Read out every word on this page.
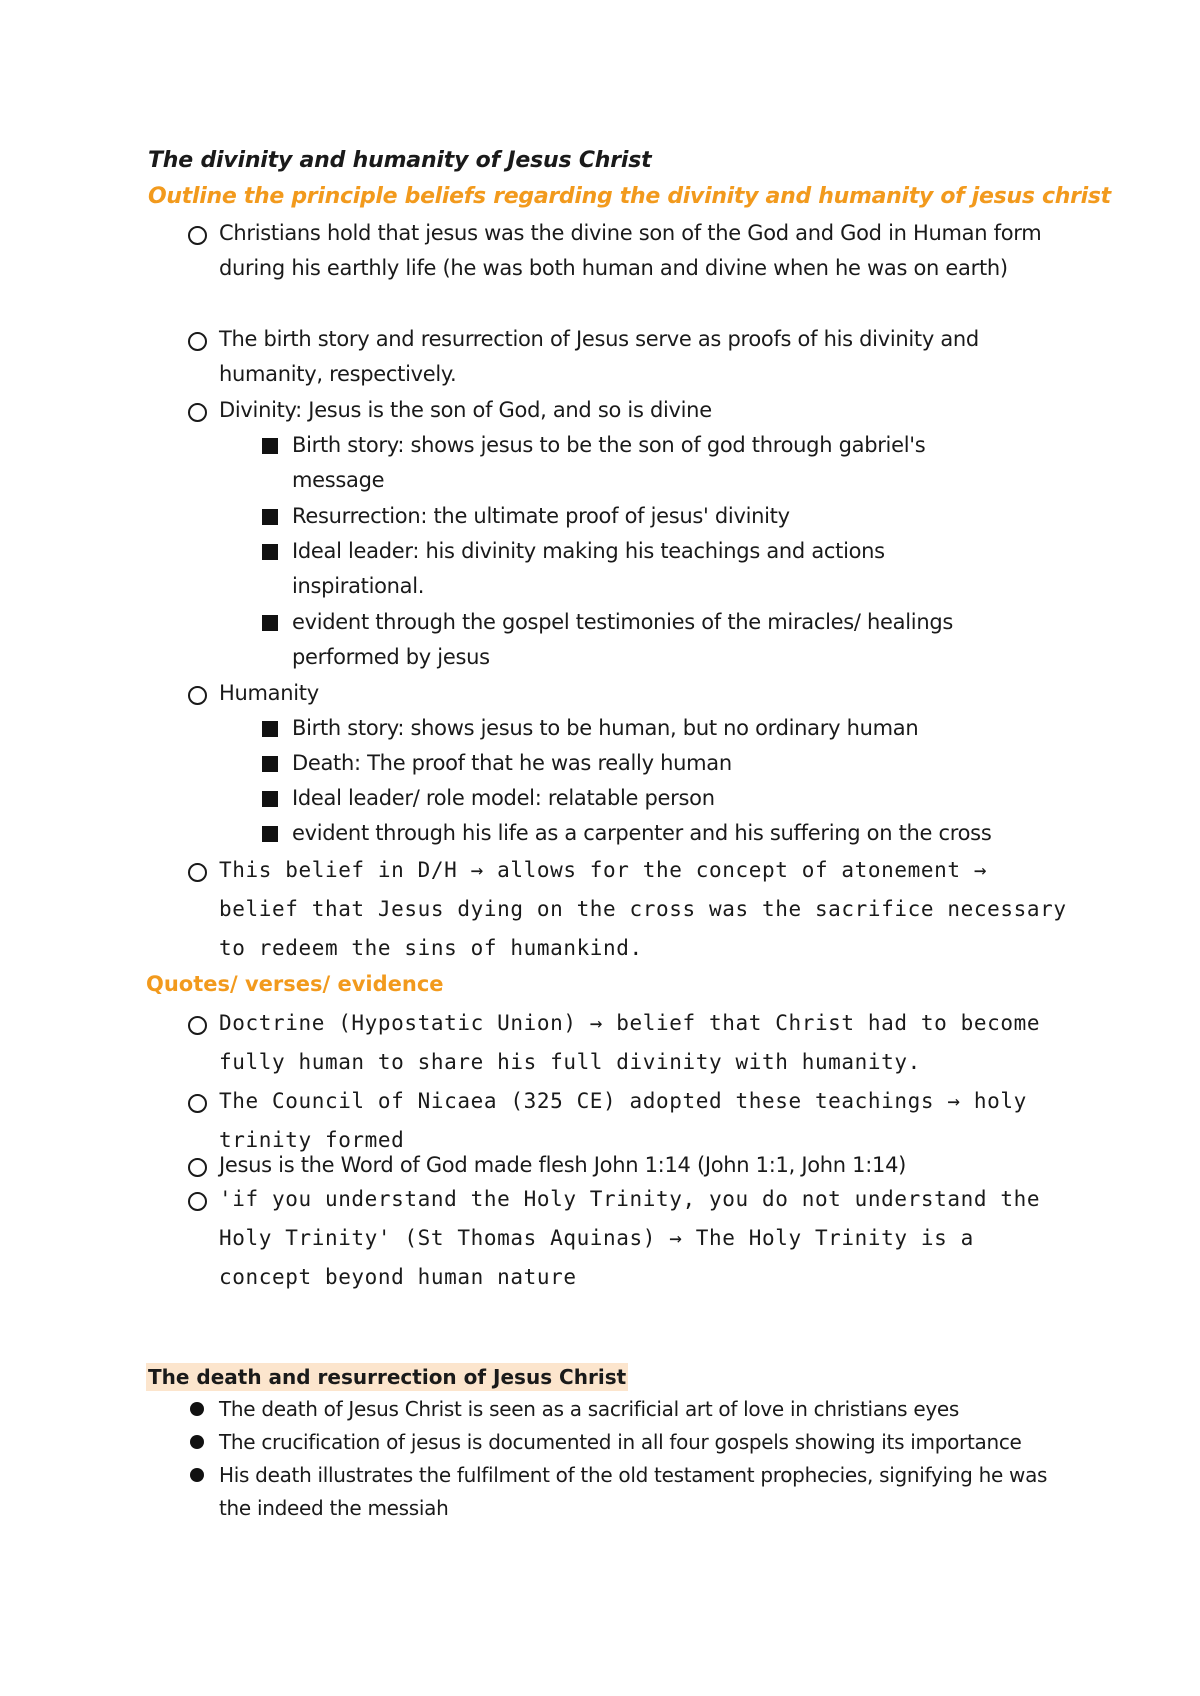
The divinity and humanity of Jesus Christ
Outline the principle beliefs regarding the divinity and humanity of jesus christ
Christians hold that jesus was the divine son of the God and God in Human form during his earthly life (he was both human and divine when he was on earth)
The birth story and resurrection of Jesus serve as proofs of his divinity and humanity, respectively.
Divinity: Jesus is the son of God, and so is divine
Birth story: shows jesus to be the son of god through gabriel's message
Resurrection: the ultimate proof of jesus' divinity
Ideal leader: his divinity making his teachings and actions inspirational.
evident through the gospel testimonies of the miracles/ healings performed by jesus
Humanity
Birth story: shows jesus to be human, but no ordinary human
Death: The proof that he was really human
Ideal leader/ role model: relatable person
evident through his life as a carpenter and his suffering on the cross
This belief in D/H → allows for the concept of atonement → belief that Jesus dying on the cross was the sacrifice necessary to redeem the sins of humankind.
Quotes/ verses/ evidence
Doctrine (Hypostatic Union) → belief that Christ had to become fully human to share his full divinity with humanity.
The Council of Nicaea (325 CE) adopted these teachings → holy trinity formed
Jesus is the Word of God made flesh John 1:14 (John 1:1, John 1:14)
'if you understand the Holy Trinity, you do not understand the Holy Trinity' (St Thomas Aquinas) → The Holy Trinity is a concept beyond human nature
The death and resurrection of Jesus Christ
The death of Jesus Christ is seen as a sacrificial art of love in christians eyes
The crucification of jesus is documented in all four gospels showing its importance
His death illustrates the fulfilment of the old testament prophecies, signifying he was the indeed the messiah
